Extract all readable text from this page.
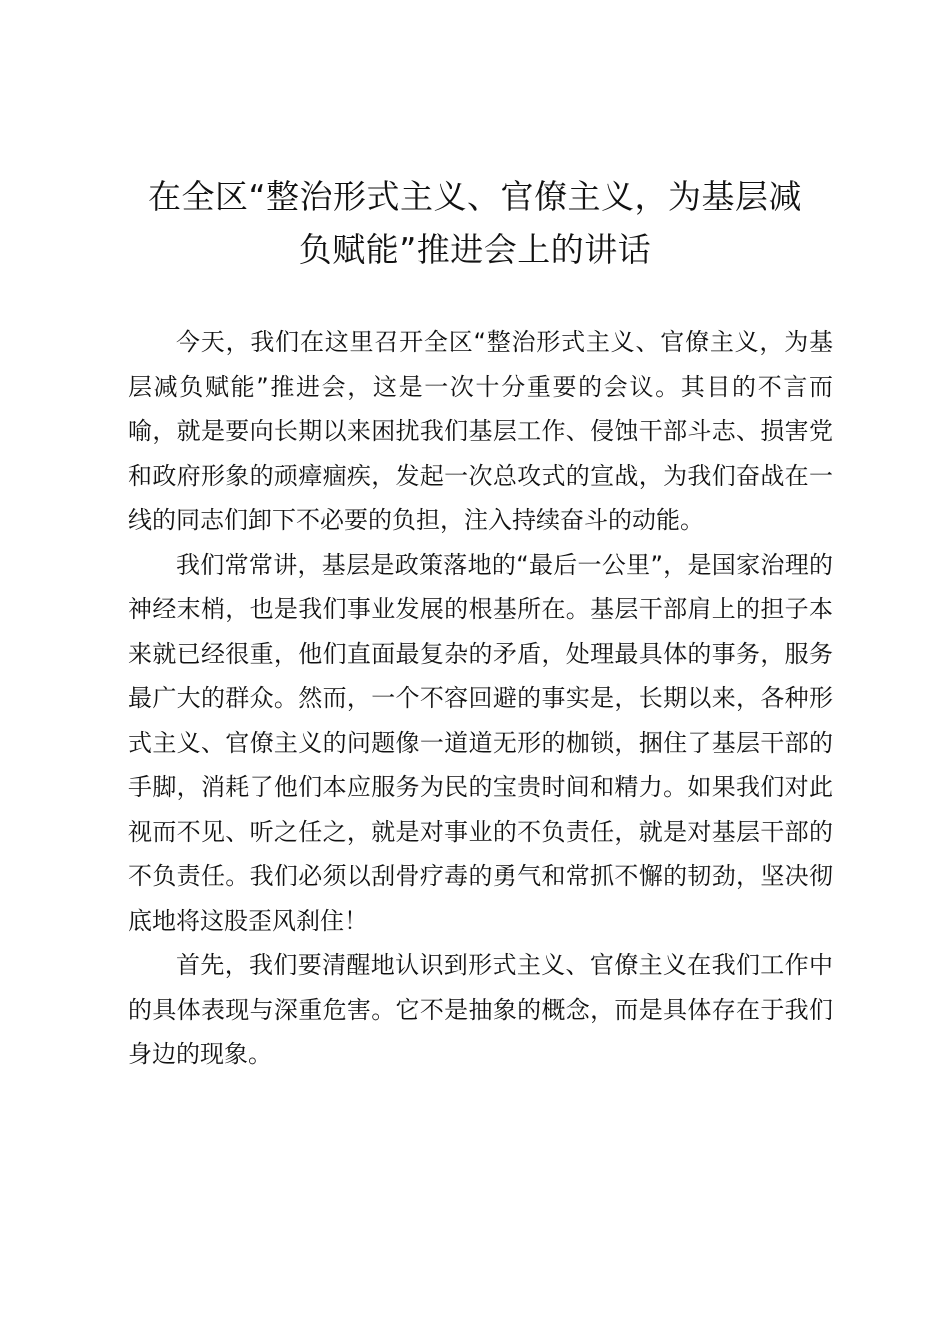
在全区“整治形式主义、官僚主义，为基层减
负赋能”推进会上的讲话

今天，我们在这里召开全区“整治形式主义、官僚主义，为基层减负赋能”推进会，这是一次十分重要的会议。其目的不言而喻，就是要向长期以来困扰我们基层工作、侵蚀干部斗志、损害党和政府形象的顽瘴痼疾，发起一次总攻式的宣战，为我们奋战在一线的同志们卸下不必要的负担，注入持续奋斗的动能。

我们常常讲，基层是政策落地的“最后一公里”，是国家治理的神经末梢，也是我们事业发展的根基所在。基层干部肩上的担子本来就已经很重，他们直面最复杂的矛盾，处理最具体的事务，服务最广大的群众。然而，一个不容回避的事实是，长期以来，各种形式主义、官僚主义的问题像一道道无形的枷锁，捆住了基层干部的手脚，消耗了他们本应服务为民的宝贵时间和精力。如果我们对此视而不见、听之任之，就是对事业的不负责任，就是对基层干部的不负责任。我们必须以刮骨疗毒的勇气和常抓不懈的韧劲，坚决彻底地将这股歪风刹住！

首先，我们要清醒地认识到形式主义、官僚主义在我们工作中的具体表现与深重危害。它不是抽象的概念，而是具体存在于我们身边的现象。
